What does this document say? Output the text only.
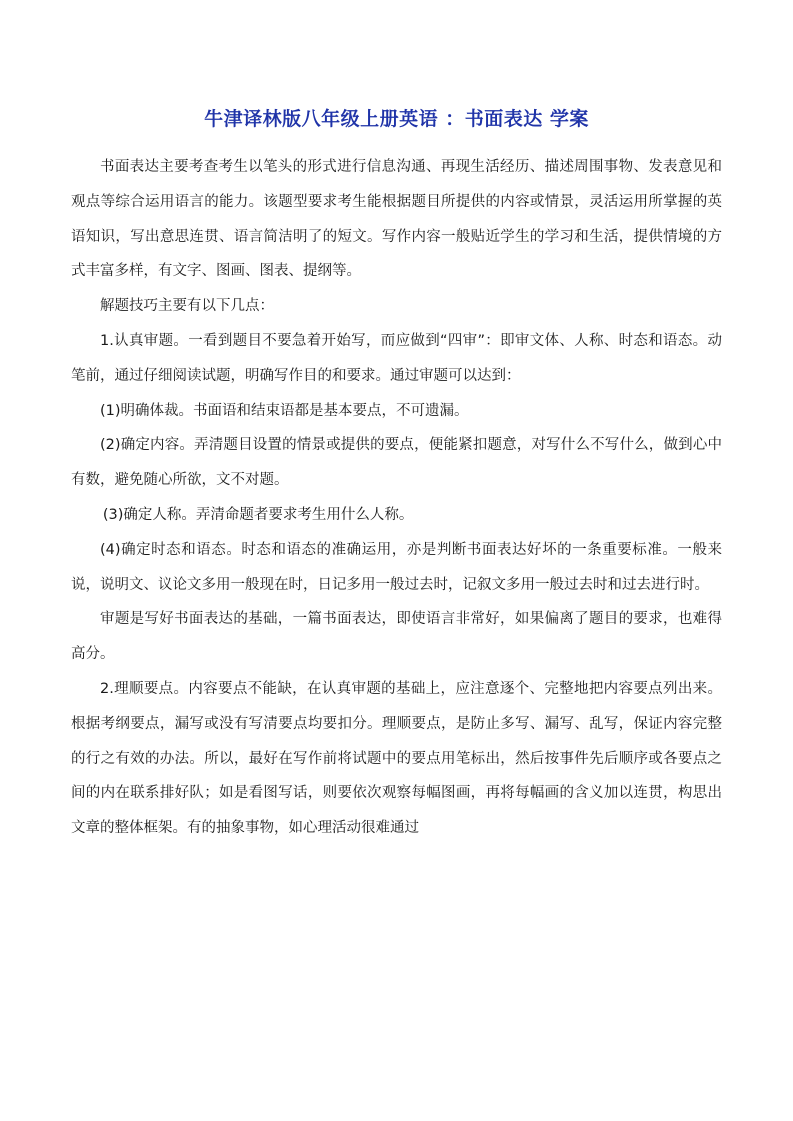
牛津译林版八年级上册英语 ：书面表达 学案

书面表达主要考查考生以笔头的形式进行信息沟通、再现生活经历、描述周围事物、发表意见和观点等综合运用语言的能力。该题型要求考生能根据题目所提供的内容或情景，灵活运用所掌握的英语知识，写出意思连贯、语言简洁明了的短文。写作内容一般贴近学生的学习和生活，提供情境的方式丰富多样，有文字、图画、图表、提纲等。

解题技巧主要有以下几点：

1.认真审题。一看到题目不要急着开始写，而应做到“四审”：即审文体、人称、时态和语态。动笔前，通过仔细阅读试题，明确写作目的和要求。通过审题可以达到：

(1)明确体裁。书面语和结束语都是基本要点，不可遗漏。

(2)确定内容。弄清题目设置的情景或提供的要点，便能紧扣题意，对写什么不写什么，做到心中有数，避免随心所欲，文不对题。

(3)确定人称。弄清命题者要求考生用什么人称。

(4)确定时态和语态。时态和语态的准确运用，亦是判断书面表达好坏的一条重要标准。一般来说，说明文、议论文多用一般现在时，日记多用一般过去时，记叙文多用一般过去时和过去进行时。

审题是写好书面表达的基础，一篇书面表达，即使语言非常好，如果偏离了题目的要求，也难得高分。

2.理顺要点。内容要点不能缺，在认真审题的基础上，应注意逐个、完整地把内容要点列出来。根据考纲要点，漏写或没有写清要点均要扣分。理顺要点，是防止多写、漏写、乱写，保证内容完整的行之有效的办法。所以，最好在写作前将试题中的要点用笔标出，然后按事件先后顺序或各要点之间的内在联系排好队；如是看图写话，则要依次观察每幅图画，再将每幅画的含义加以连贯，构思出文章的整体框架。有的抽象事物，如心理活动很难通过
